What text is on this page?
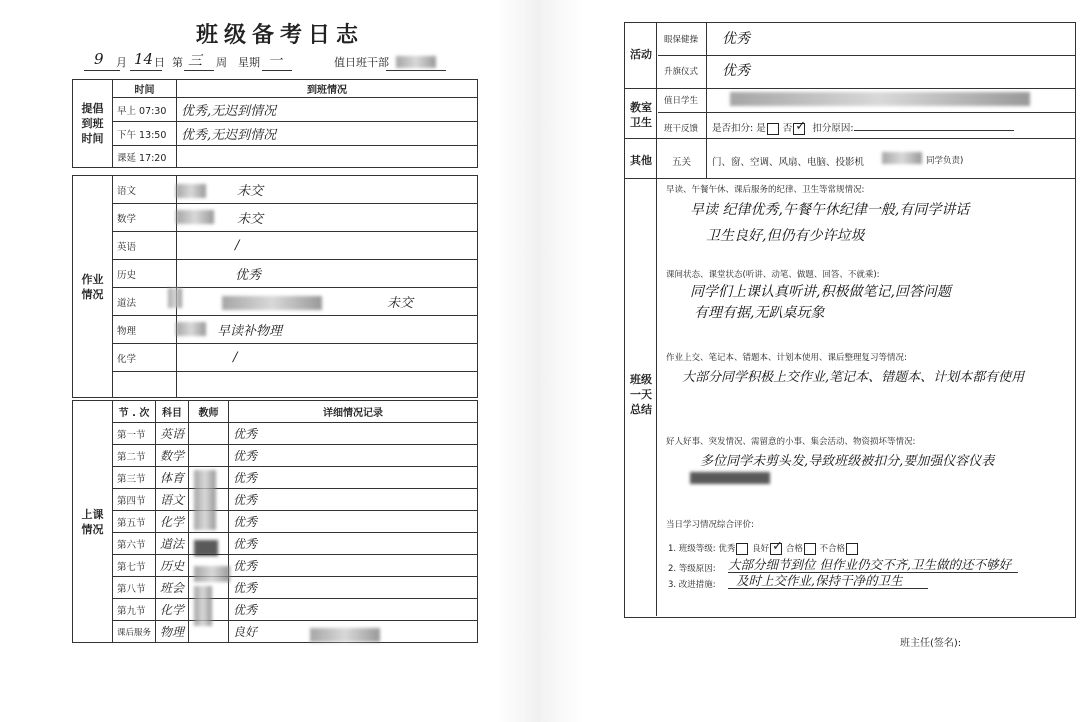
班级备考日志
9 月 14 日 第 三 周 星期 一	值日班干部
提倡到班时间	时间	到班情况
	早上 07:30	优秀,无迟到情况
	下午 13:50	优秀,无迟到情况
	课延 17:20	
作业情况	语文	未交
	数学	未交
	英语	/
	历史	优秀
	道法	未交
	物理	早读补物理
	化学	/

上课情况	节 . 次	科目	教师	详细情况记录
	第一节	英语		优秀
	第二节	数学		优秀
	第三节	体育		优秀
	第四节	语文		优秀
	第五节	化学		优秀
	第六节	道法		优秀
	第七节	历史		优秀
	第八节	班会		优秀
	第九节	化学		优秀
	课后服务	物理		良好
活动
眼保健操 优秀
升旗仪式 优秀
教室卫生
值日学生
班干反馈 是否扣分: 是 否 ✓ 扣分原因:
其他 五关 门、窗、空调、风扇、电脑、投影机	同学负责)
班级一天总结
早读、午餐午休、课后服务的纪律、卫生等常规情况:
早读 纪律优秀,午餐午休纪律一般,有同学讲话
卫生良好,但仍有少许垃圾
课间状态、课堂状态(听讲、动笔、做题、回答、不就乘):
同学们上课认真听讲,积极做笔记,回答问题
有理有据,无趴桌玩象
作业上交、笔记本、错题本、计划本使用、课后整理复习等情况:
大部分同学积极上交作业,笔记本、错题本、计划本都有使用
好人好事、突发情况、需留意的小事、集会活动、物资损坏等情况:
多位同学未剪头发,导致班级被扣分,要加强仪容仪表
当日学习情况综合评价:
1. 班级等级: 优秀 良好 ✓ 合格 不合格
2. 等级原因: 大部分细节到位 但作业仍交不齐,卫生做的还不够好
3. 改进措施: 及时上交作业,保持干净的卫生
班主任(签名):
